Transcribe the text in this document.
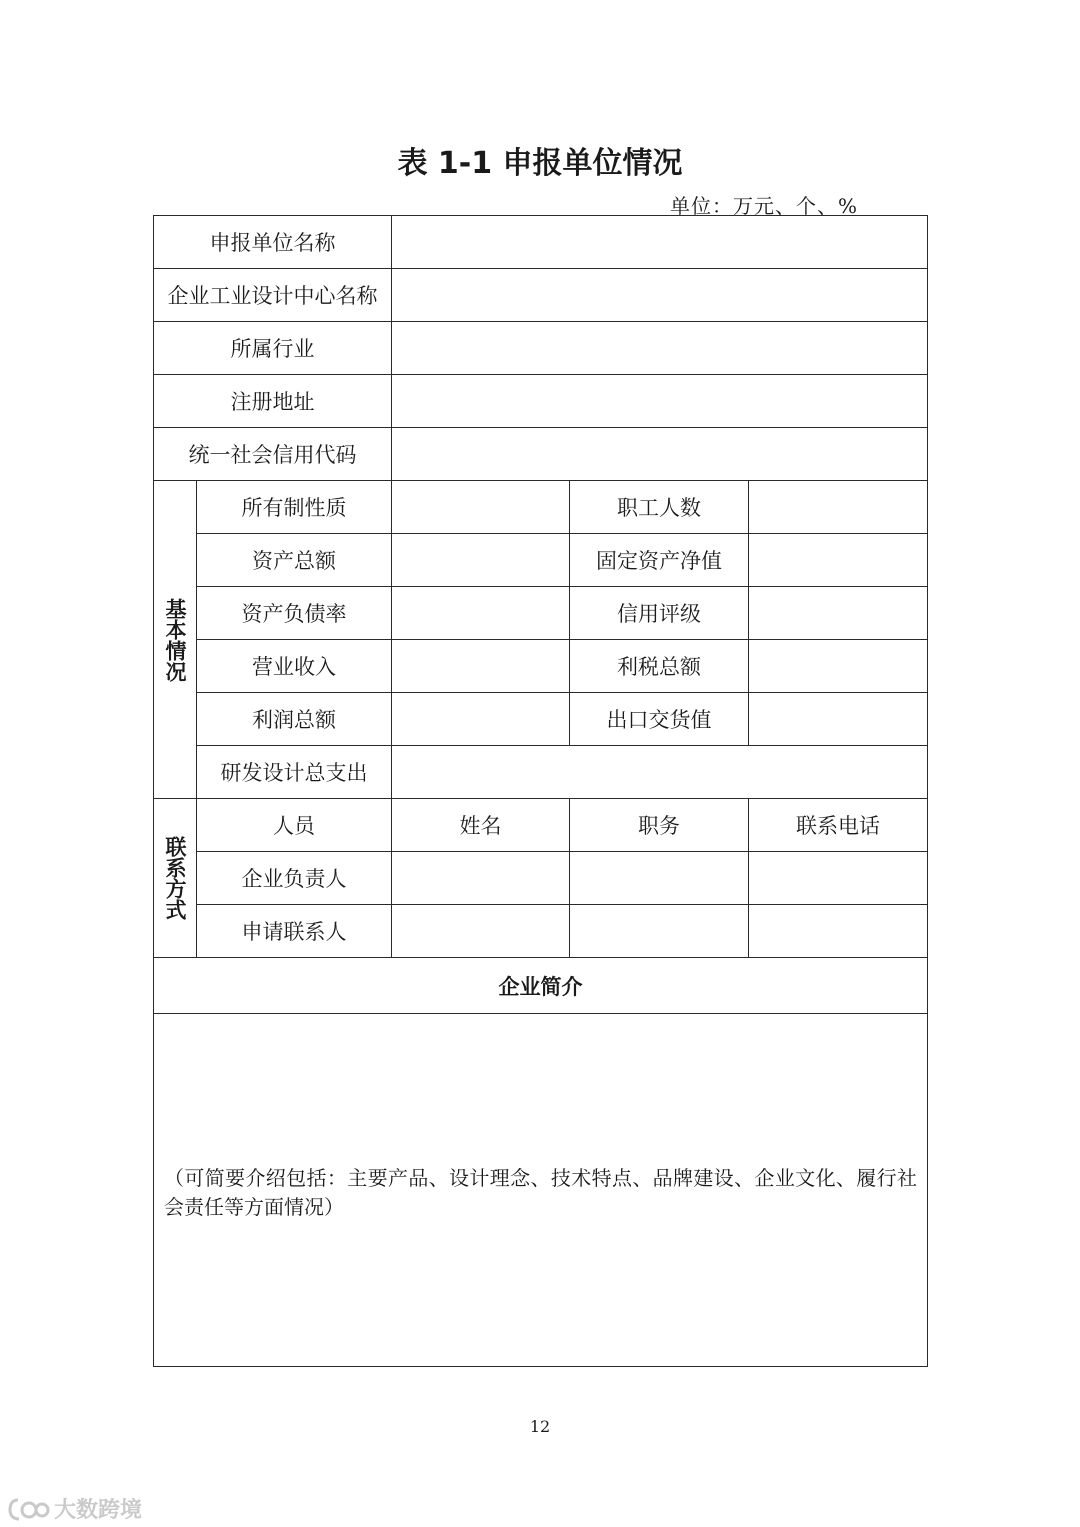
表 1-1 申报单位情况
单位：万元、个、%
申报单位名称				
企业工业设计中心名称				
所属行业				
注册地址				
统一社会信用代码				

基本情况	所有制性质		职工人数	
	资产总额		固定资产净值	
	资产负债率		信用评级	
	营业收入		利税总额	
	利润总额		出口交货值	
	研发设计总支出			

联系方式	人员	姓名	职务	联系电话
	企业负责人			
	申请联系人			
企业简介				

（可简要介绍包括：主要产品、设计理念、技术特点、品牌建设、企业文化、履行社会责任等方面情况）				
12
大数跨境
